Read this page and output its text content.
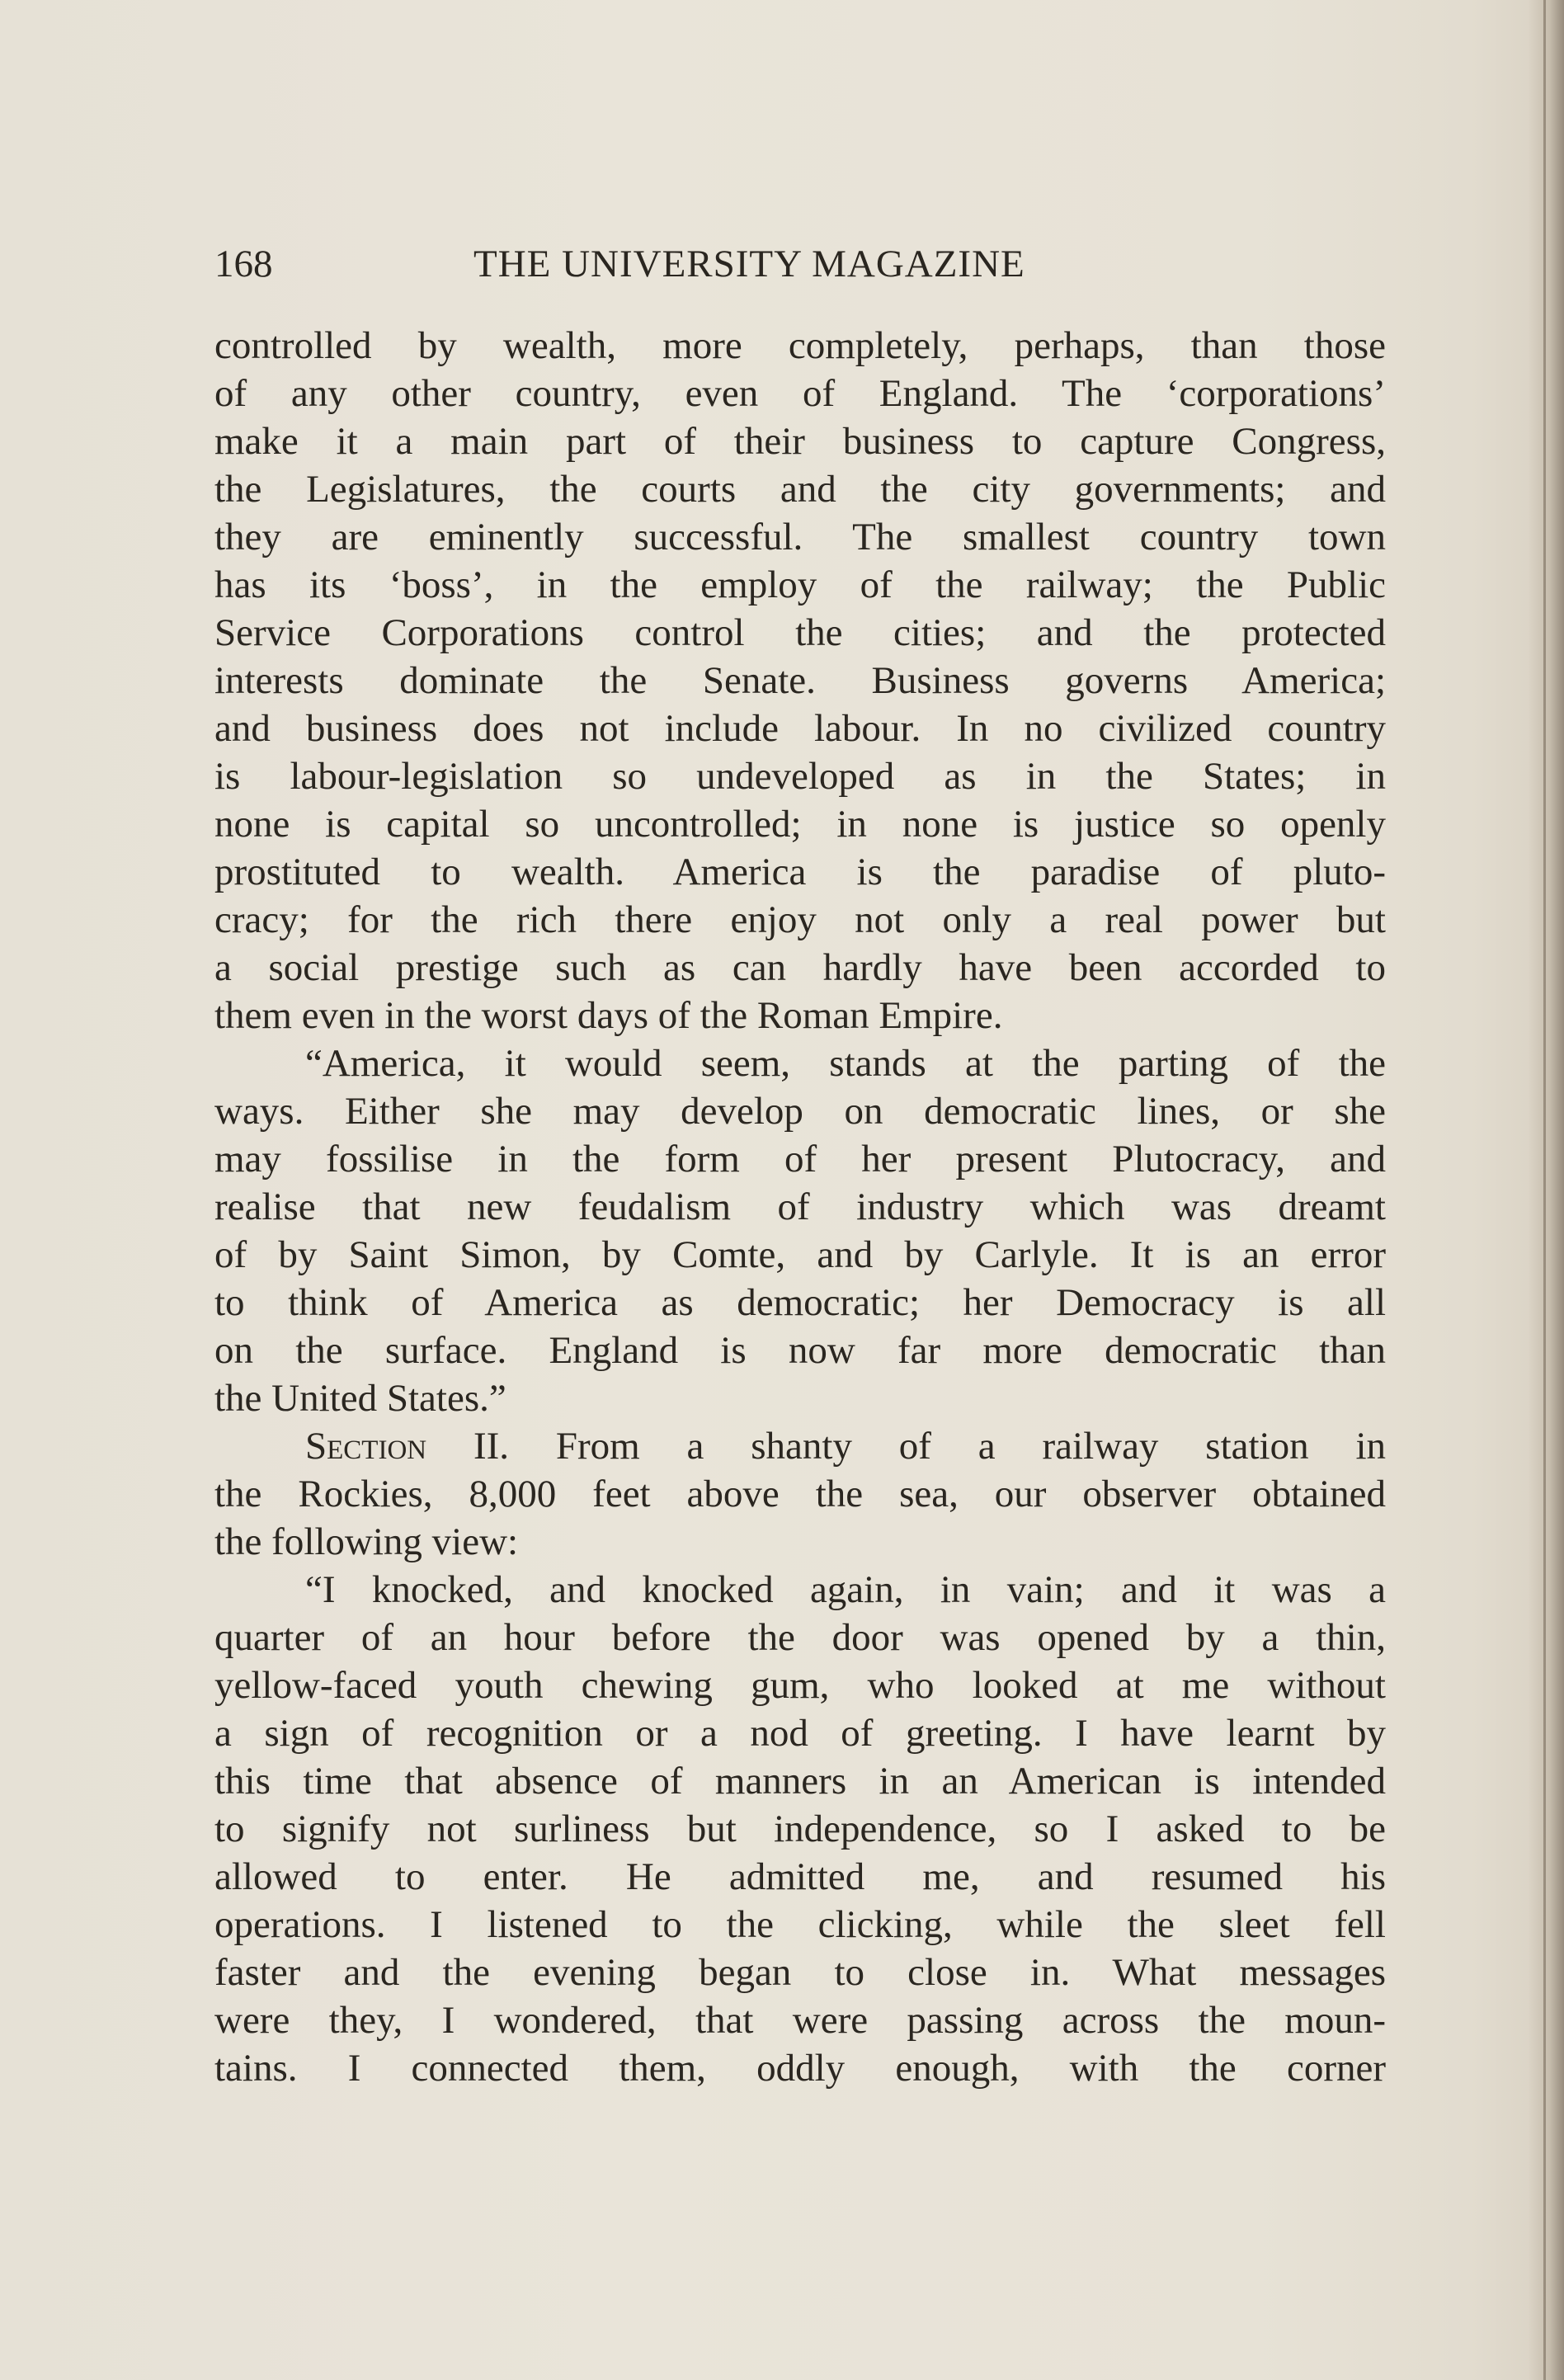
168	THE UNIVERSITY MAGAZINE
controlled by wealth, more completely, perhaps, than those
of any other country, even of England. The ‘corporations’
make it a main part of their business to capture Congress,
the Legislatures, the courts and the city governments; and
they are eminently successful. The smallest country town
has its ‘boss’, in the employ of the railway; the Public
Service Corporations control the cities; and the protected
interests dominate the Senate. Business governs America;
and business does not include labour. In no civilized country
is labour-legislation so undeveloped as in the States; in
none is capital so uncontrolled; in none is justice so openly
prostituted to wealth. America is the paradise of pluto-
cracy; for the rich there enjoy not only a real power but
a social prestige such as can hardly have been accorded to
them even in the worst days of the Roman Empire.
“America, it would seem, stands at the parting of the
ways. Either she may develop on democratic lines, or she
may fossilise in the form of her present Plutocracy, and
realise that new feudalism of industry which was dreamt
of by Saint Simon, by Comte, and by Carlyle. It is an error
to think of America as democratic; her Democracy is all
on the surface. England is now far more democratic than
the United States.”
Section II. From a shanty of a railway station in
the Rockies, 8,000 feet above the sea, our observer obtained
the following view:
“I knocked, and knocked again, in vain; and it was a
quarter of an hour before the door was opened by a thin,
yellow-faced youth chewing gum, who looked at me without
a sign of recognition or a nod of greeting. I have learnt by
this time that absence of manners in an American is intended
to signify not surliness but independence, so I asked to be
allowed to enter. He admitted me, and resumed his
operations. I listened to the clicking, while the sleet fell
faster and the evening began to close in. What messages
were they, I wondered, that were passing across the moun-
tains. I connected them, oddly enough, with the corner
